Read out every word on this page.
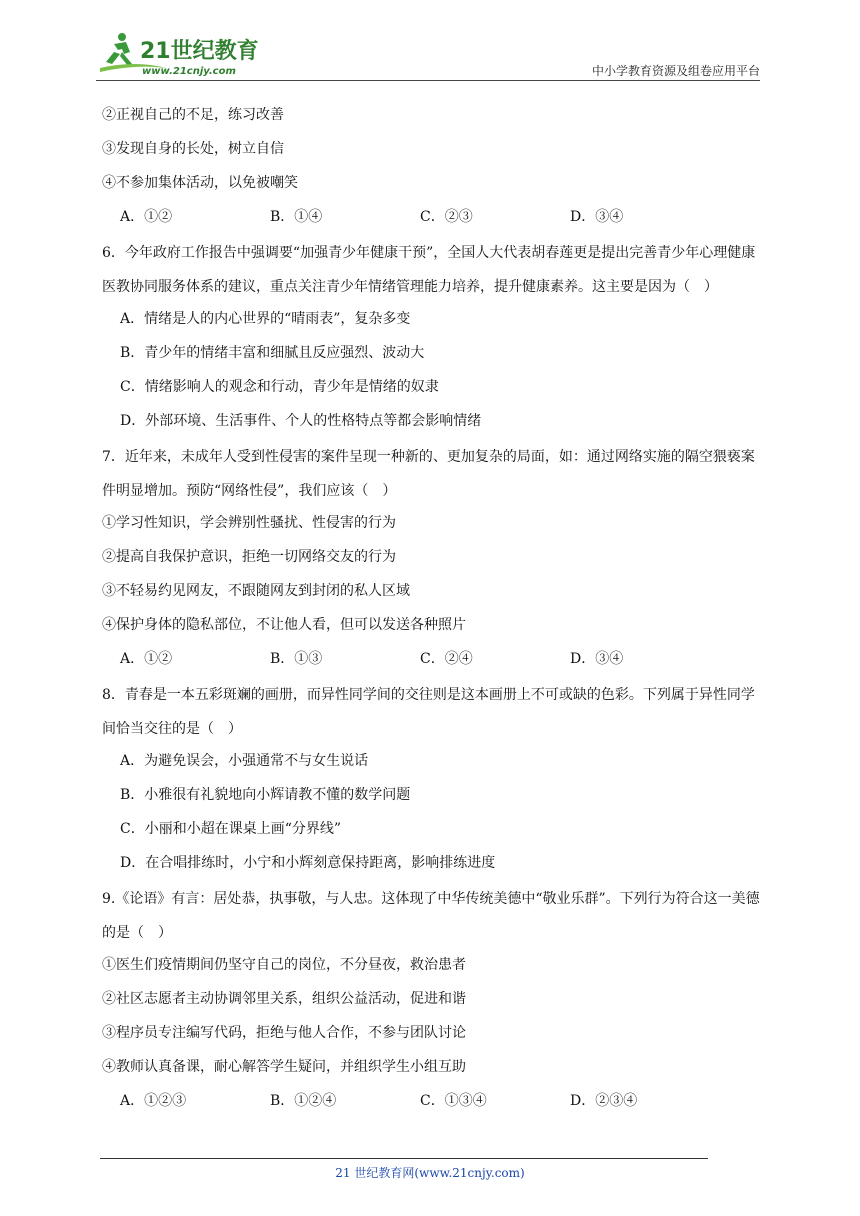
21世纪教育
www.21cnjy.com	中小学教育资源及组卷应用平台
②正视自己的不足，练习改善
③发现自身的长处，树立自信
④不参加集体活动，以免被嘲笑
A．①②	B．①④	C．②③	D．③④
6．今年政府工作报告中强调要“加强青少年健康干预”，全国人大代表胡春莲更是提出完善青少年心理健康医教协同服务体系的建议，重点关注青少年情绪管理能力培养，提升健康素养。这主要是因为（　）
A．情绪是人的内心世界的“晴雨表”，复杂多变
B．青少年的情绪丰富和细腻且反应强烈、波动大
C．情绪影响人的观念和行动，青少年是情绪的奴隶
D．外部环境、生活事件、个人的性格特点等都会影响情绪
7．近年来，未成年人受到性侵害的案件呈现一种新的、更加复杂的局面，如：通过网络实施的隔空猥亵案件明显增加。预防“网络性侵”，我们应该（　）
①学习性知识，学会辨别性骚扰、性侵害的行为
②提高自我保护意识，拒绝一切网络交友的行为
③不轻易约见网友，不跟随网友到封闭的私人区域
④保护身体的隐私部位，不让他人看，但可以发送各种照片
A．①②	B．①③	C．②④	D．③④
8．青春是一本五彩斑斓的画册，而异性同学间的交往则是这本画册上不可或缺的色彩。下列属于异性同学间恰当交往的是（　）
A．为避免误会，小强通常不与女生说话
B．小雅很有礼貌地向小辉请教不懂的数学问题
C．小丽和小超在课桌上画“分界线”
D．在合唱排练时，小宁和小辉刻意保持距离，影响排练进度
9.《论语》有言：居处恭，执事敬，与人忠。这体现了中华传统美德中“敬业乐群”。下列行为符合这一美德的是（　）
①医生们疫情期间仍坚守自己的岗位，不分昼夜，救治患者
②社区志愿者主动协调邻里关系，组织公益活动，促进和谐
③程序员专注编写代码，拒绝与他人合作，不参与团队讨论
④教师认真备课，耐心解答学生疑问，并组织学生小组互助
A．①②③	B．①②④	C．①③④	D．②③④
21 世纪教育网(www.21cnjy.com)
